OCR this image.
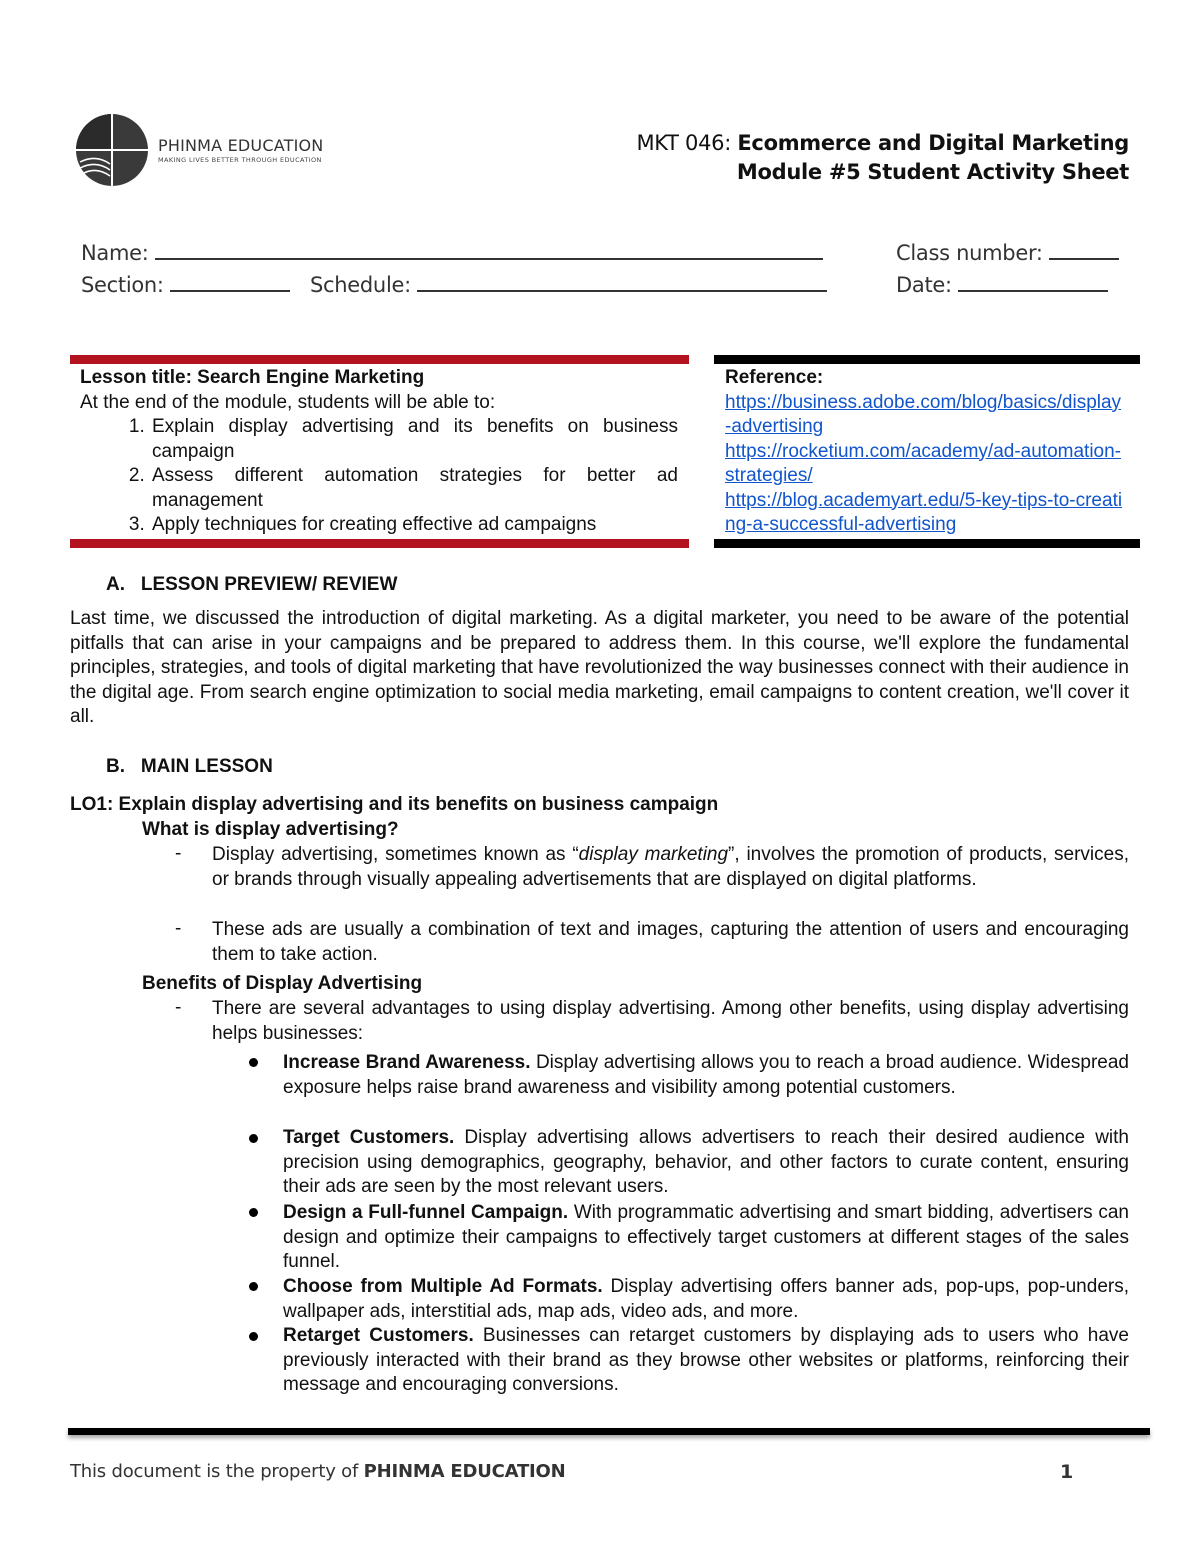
PHINMA EDUCATION
MAKING LIVES BETTER THROUGH EDUCATION
MKT 046: Ecommerce and Digital Marketing
Module #5 Student Activity Sheet
Name:	Class number:
Section:	Schedule:	Date:
Lesson title: Search Engine Marketing
At the end of the module, students will be able to:
1. Explain display advertising and its benefits on business campaign
2. Assess different automation strategies for better ad management
3. Apply techniques for creating effective ad campaigns
Reference:
https://business.adobe.com/blog/basics/display-advertising
https://rocketium.com/academy/ad-automation-strategies/
https://blog.academyart.edu/5-key-tips-to-creating-a-successful-advertising
A.   LESSON PREVIEW/ REVIEW
Last time, we discussed the introduction of digital marketing. As a digital marketer, you need to be aware of the potential pitfalls that can arise in your campaigns and be prepared to address them. In this course, we'll explore the fundamental principles, strategies, and tools of digital marketing that have revolutionized the way businesses connect with their audience in the digital age. From search engine optimization to social media marketing, email campaigns to content creation, we'll cover it all.
B.   MAIN LESSON
LO1: Explain display advertising and its benefits on business campaign
What is display advertising?
- Display advertising, sometimes known as “display marketing”, involves the promotion of products, services, or brands through visually appealing advertisements that are displayed on digital platforms.
- These ads are usually a combination of text and images, capturing the attention of users and encouraging them to take action.
Benefits of Display Advertising
- There are several advantages to using display advertising. Among other benefits, using display advertising helps businesses:
Increase Brand Awareness. Display advertising allows you to reach a broad audience. Widespread exposure helps raise brand awareness and visibility among potential customers.
Target Customers. Display advertising allows advertisers to reach their desired audience with precision using demographics, geography, behavior, and other factors to curate content, ensuring their ads are seen by the most relevant users.
Design a Full-funnel Campaign. With programmatic advertising and smart bidding, advertisers can design and optimize their campaigns to effectively target customers at different stages of the sales funnel.
Choose from Multiple Ad Formats. Display advertising offers banner ads, pop-ups, pop-unders, wallpaper ads, interstitial ads, map ads, video ads, and more.
Retarget Customers. Businesses can retarget customers by displaying ads to users who have previously interacted with their brand as they browse other websites or platforms, reinforcing their message and encouraging conversions.
This document is the property of PHINMA EDUCATION	1
